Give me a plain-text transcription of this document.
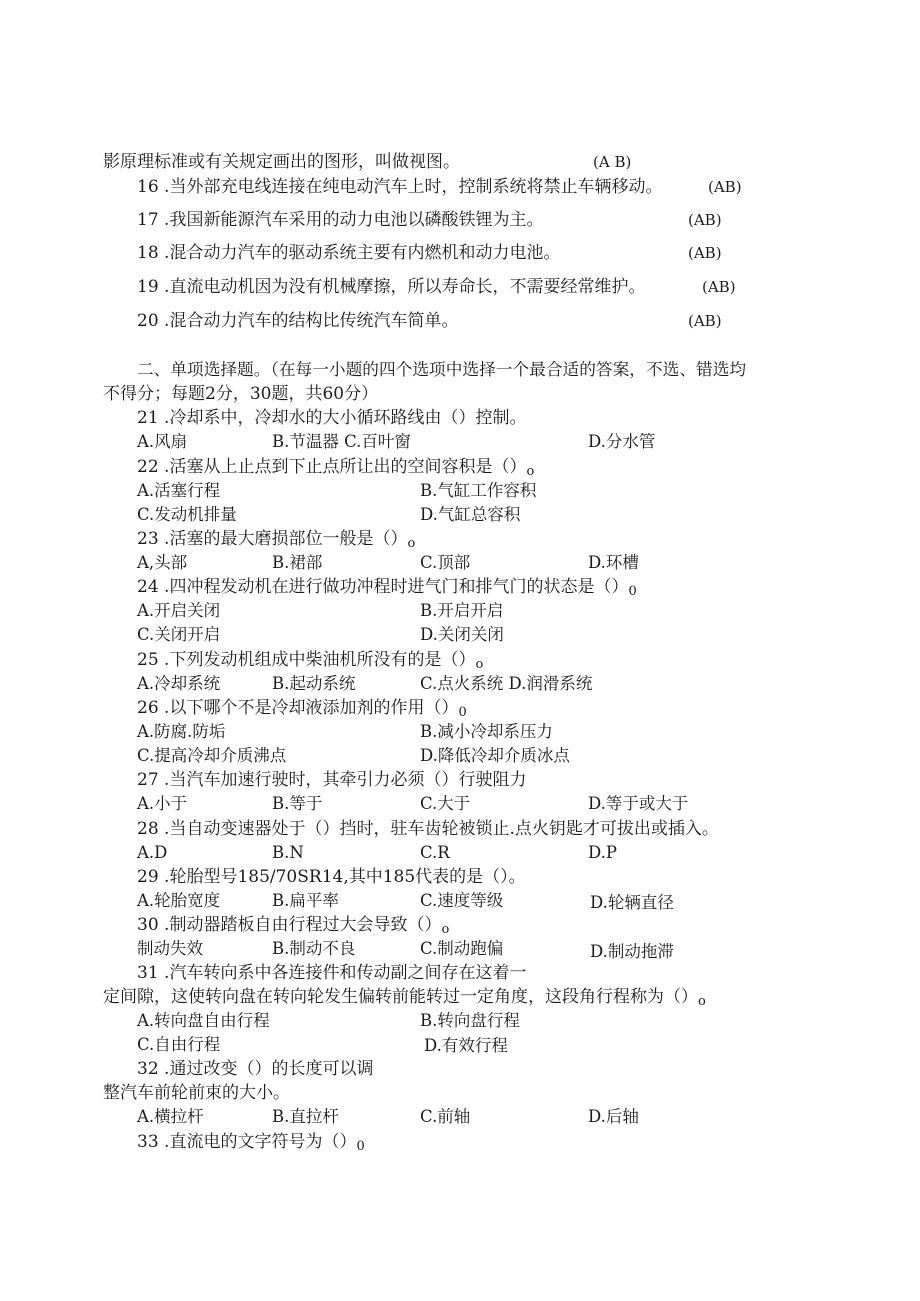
影原理标准或有关规定画出的图形，叫做视图。	(A B)
16 .当外部充电线连接在纯电动汽车上时，控制系统将禁止车辆移动。	(AB)
17 .我国新能源汽车采用的动力电池以磷酸铁锂为主。	(AB)
18 .混合动力汽车的驱动系统主要有内燃机和动力电池。	(AB)
19 .直流电动机因为没有机械摩擦，所以寿命长，不需要经常维护。	(AB)
20 .混合动力汽车的结构比传统汽车简单。	(AB)
二、单项选择题。（在每一小题的四个选项中选择一个最合适的答案，不选、错选均
不得分；每题2分，30题，共60分）
21 .冷却系中，冷却水的大小循环路线由（）控制。
A.风扇	B.节温器 C.百叶窗	D.分水管
22 .活塞从上止点到下止点所让出的空间容积是（）o
A.活塞行程	B.气缸工作容积
C.发动机排量	D.气缸总容积
23 .活塞的最大磨损部位一般是（）o
A,头部	B.裙部	C.顶部	D.环槽
24 .四冲程发动机在进行做功冲程时进气门和排气门的状态是（）0
A.开启关闭	B.开启开启
C.关闭开启	D.关闭关闭
25 .下列发动机组成中柴油机所没有的是（）o
A.冷却系统	B.起动系统	C.点火系统 D.润滑系统
26 .以下哪个不是冷却液添加剂的作用（）0
A.防腐.防垢	B.减小冷却系压力
C.提高冷却介质沸点	D.降低冷却介质冰点
27 .当汽车加速行驶时，其牵引力必须（）行驶阻力
A.小于	B.等于	C.大于	D.等于或大于
28 .当自动变速器处于（）挡时，驻车齿轮被锁止.点火钥匙才可拔出或插入。
A.D	B.N	C.R	D.P
29 .轮胎型号185/70SR14,其中185代表的是（）。
A.轮胎宽度	B.扁平率	C.速度等级	D.轮辆直径
30 .制动器踏板自由行程过大会导致（）o
制动失效	B.制动不良	C.制动跑偏	D.制动拖滞
31 .汽车转向系中各连接件和传动副之间存在这着一
定间隙，这使转向盘在转向轮发生偏转前能转过一定角度，这段角行程称为（）o
A.转向盘自由行程	B.转向盘行程
C.自由行程	D.有效行程
32 .通过改变（）的长度可以调
整汽车前轮前束的大小。
A.横拉杆	B.直拉杆	C.前轴	D.后轴
33 .直流电的文字符号为（）0
